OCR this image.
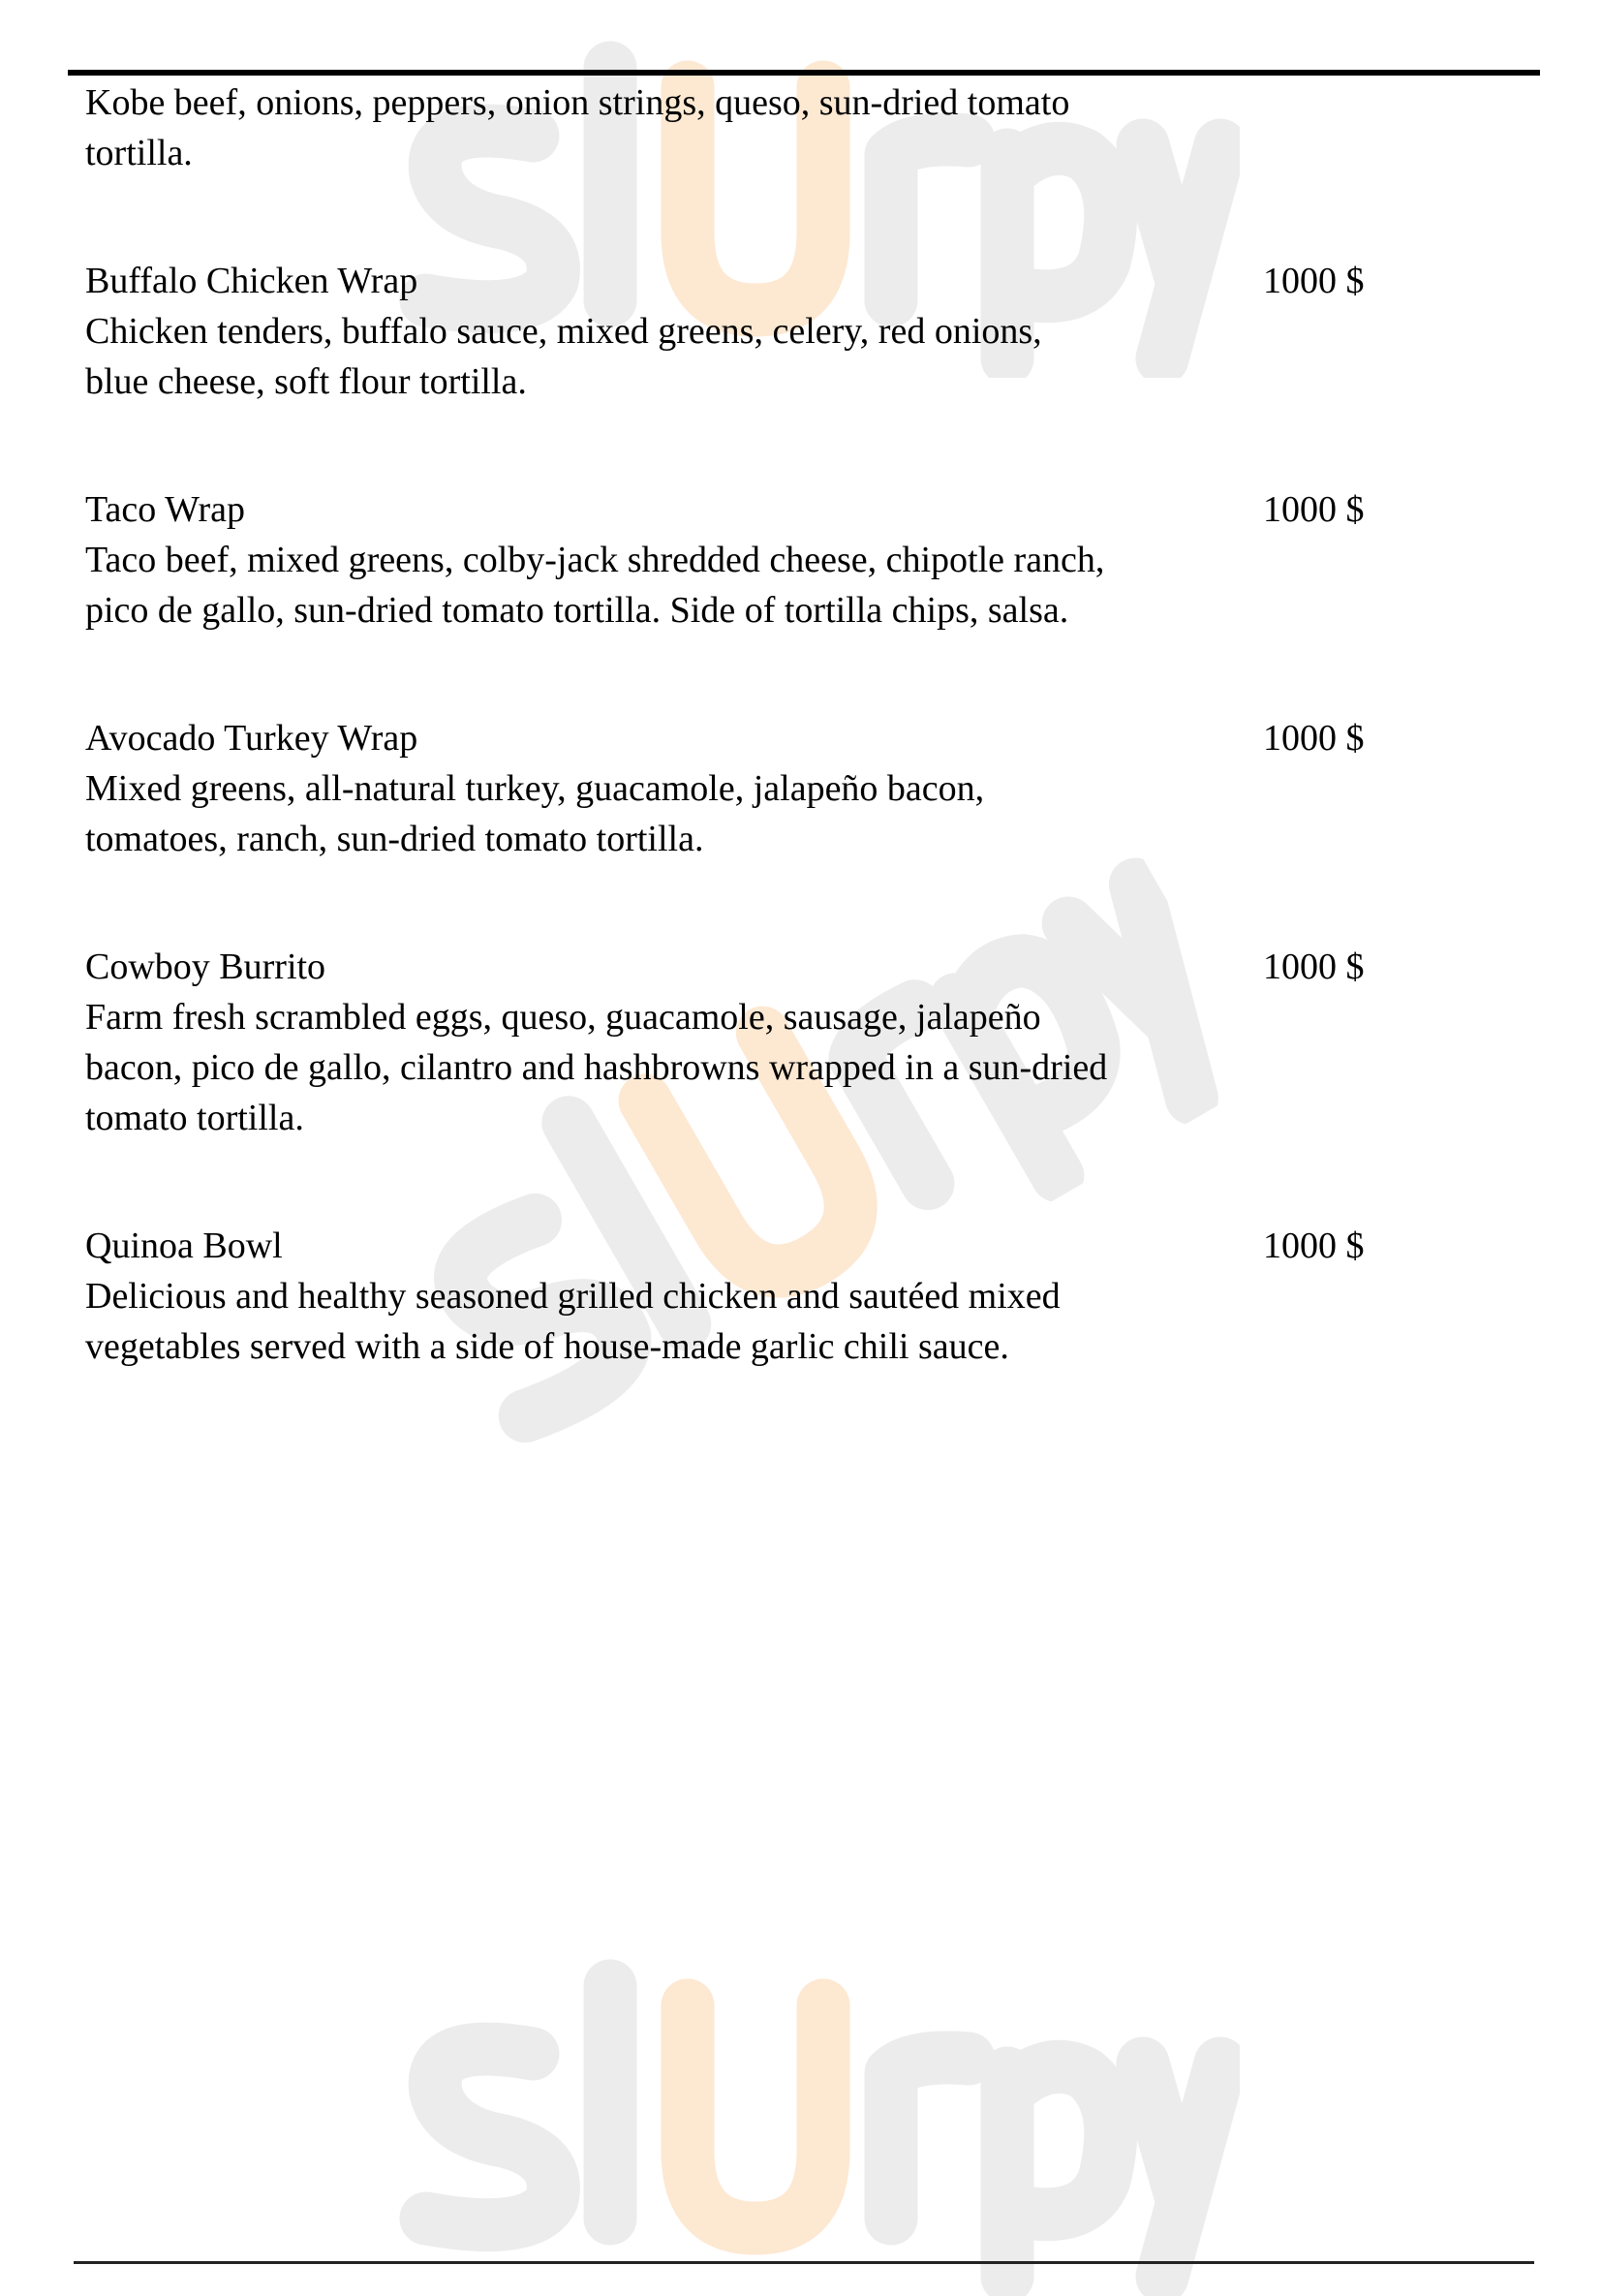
Kobe beef, onions, peppers, onion strings, queso, sun-dried tomato
tortilla.
Buffalo Chicken Wrap
Chicken tenders, buffalo sauce, mixed greens, celery, red onions,
blue cheese, soft flour tortilla.
1000 $
Taco Wrap
Taco beef, mixed greens, colby-jack shredded cheese, chipotle ranch,
pico de gallo, sun-dried tomato tortilla. Side of tortilla chips, salsa.
1000 $
Avocado Turkey Wrap
Mixed greens, all-natural turkey, guacamole, jalapeño bacon,
tomatoes, ranch, sun-dried tomato tortilla.
1000 $
Cowboy Burrito
Farm fresh scrambled eggs, queso, guacamole, sausage, jalapeño
bacon, pico de gallo, cilantro and hashbrowns wrapped in a sun-dried
tomato tortilla.
1000 $
Quinoa Bowl
Delicious and healthy seasoned grilled chicken and sautéed mixed
vegetables served with a side of house-made garlic chili sauce.
1000 $
